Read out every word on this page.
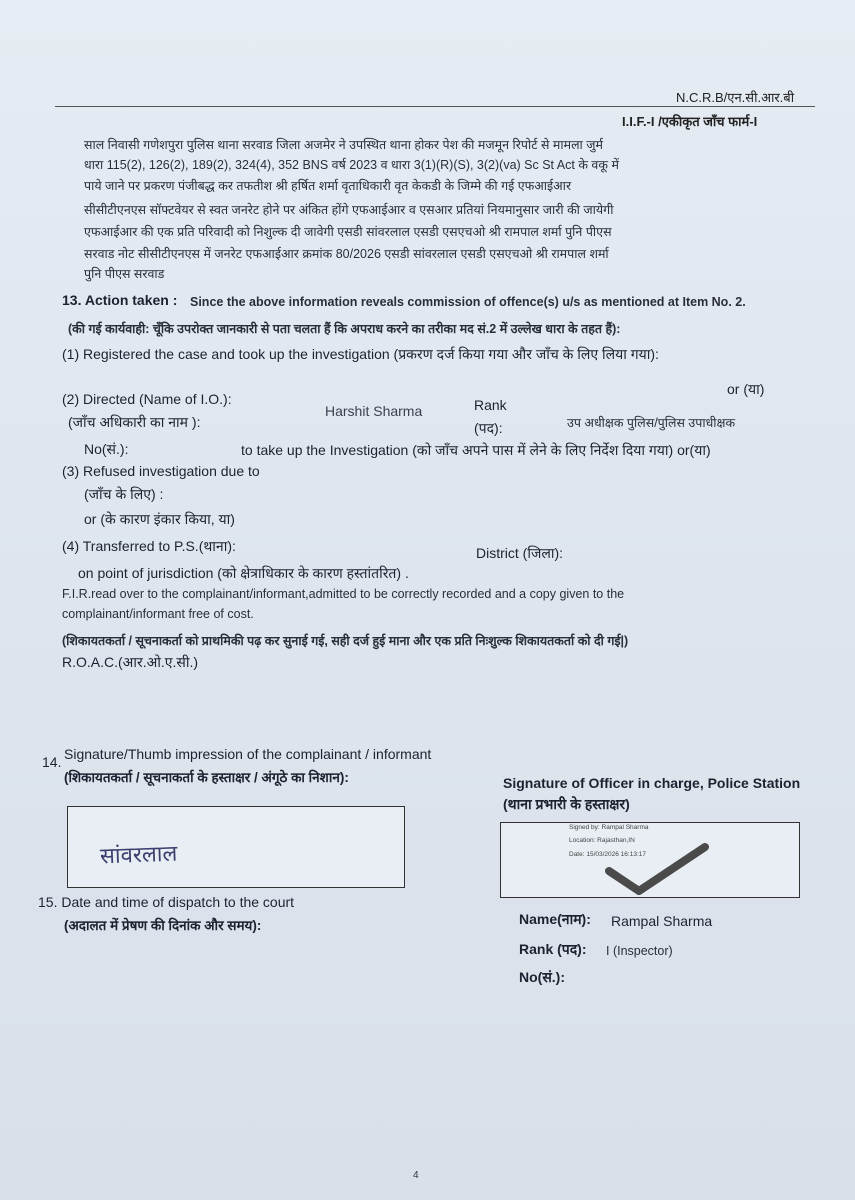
N.C.R.B/एन.सी.आर.बी
I.I.F.-I /एकीकृत जाँच फार्म-I
साल निवासी गणेशपुरा पुलिस थाना सरवाड जिला अजमेर ने उपस्थित थाना होकर पेश की मजमून रिपोर्ट से मामला जुर्म
धारा 115(2), 126(2), 189(2), 324(4), 352 BNS वर्ष 2023 व धारा 3(1)(R)(S), 3(2)(va) Sc St Act के वकू में
पाये जाने पर प्रकरण पंजीबद्ध कर तफतीश श्री हर्षित शर्मा वृताधिकारी वृत केकडी के जिम्मे की गई एफआईआर
सीसीटीएनएस सॉफ्टवेयर से स्वत जनरेट होने पर अंकित होंगे एफआईआर व एसआर प्रतियां नियमानुसार जारी की जायेगी
एफआईआर की एक प्रति परिवादी को निशुल्क दी जावेगी एसडी सांवरलाल एसडी एसएचओ श्री रामपाल शर्मा पुनि पीएस
सरवाड नोट सीसीटीएनएस में जनरेट एफआईआर क्रमांक 80/2026 एसडी सांवरलाल एसडी एसएचओ श्री रामपाल शर्मा
पुनि पीएस सरवाड
13. Action taken : Since the above information reveals commission of offence(s) u/s as mentioned at Item No. 2.
(की गई कार्यवाही: चूँकि उपरोक्त जानकारी से पता चलता हैं कि अपराध करने का तरीका मद सं.2 में उल्लेख धारा के तहत हैं):
(1) Registered the case and took up the investigation (प्रकरण दर्ज किया गया और जाँच के लिए लिया गया):
or (या)
(2) Directed (Name of I.O.):
(जाँच अधिकारी का नाम ):
Harshit Sharma	Rank
(पद):	उप अधीक्षक पुलिस/पुलिस उपाधीक्षक
No(सं.):	to take up the Investigation (को जाँच अपने पास में लेने के लिए निर्देश दिया गया) or(या)
(3) Refused investigation due to
(जाँच के लिए) :
or (के कारण इंकार किया, या)
(4) Transferred to P.S.(थाना):	District (जिला):
on point of jurisdiction (को क्षेत्राधिकार के कारण हस्तांतरित) .
F.I.R.read over to the complainant/informant,admitted to be correctly recorded and a copy given to the
complainant/informant free of cost.
(शिकायतकर्ता / सूचनाकर्ता को प्राथमिकी पढ़ कर सुनाई गई, सही दर्ज हुई माना और एक प्रति निःशुल्क शिकायतकर्ता को दी गई|)
R.O.A.C.(आर.ओ.ए.सी.)
14. Signature/Thumb impression of the complainant / informant
(शिकायतकर्ता / सूचनाकर्ता के हस्ताक्षर / अंगूठे का निशान):
सांवरलाल
Signature of Officer in charge, Police Station
(थाना प्रभारी के हस्ताक्षर)
Signed by: Rampal Sharma
Location: Rajasthan,IN
Date: 15/03/2026 16:13:17
15. Date and time of dispatch to the court
(अदालत में प्रेषण की दिनांक और समय):	Name(नाम): Rampal Sharma
Rank (पद): I (Inspector)
No(सं.):
4
